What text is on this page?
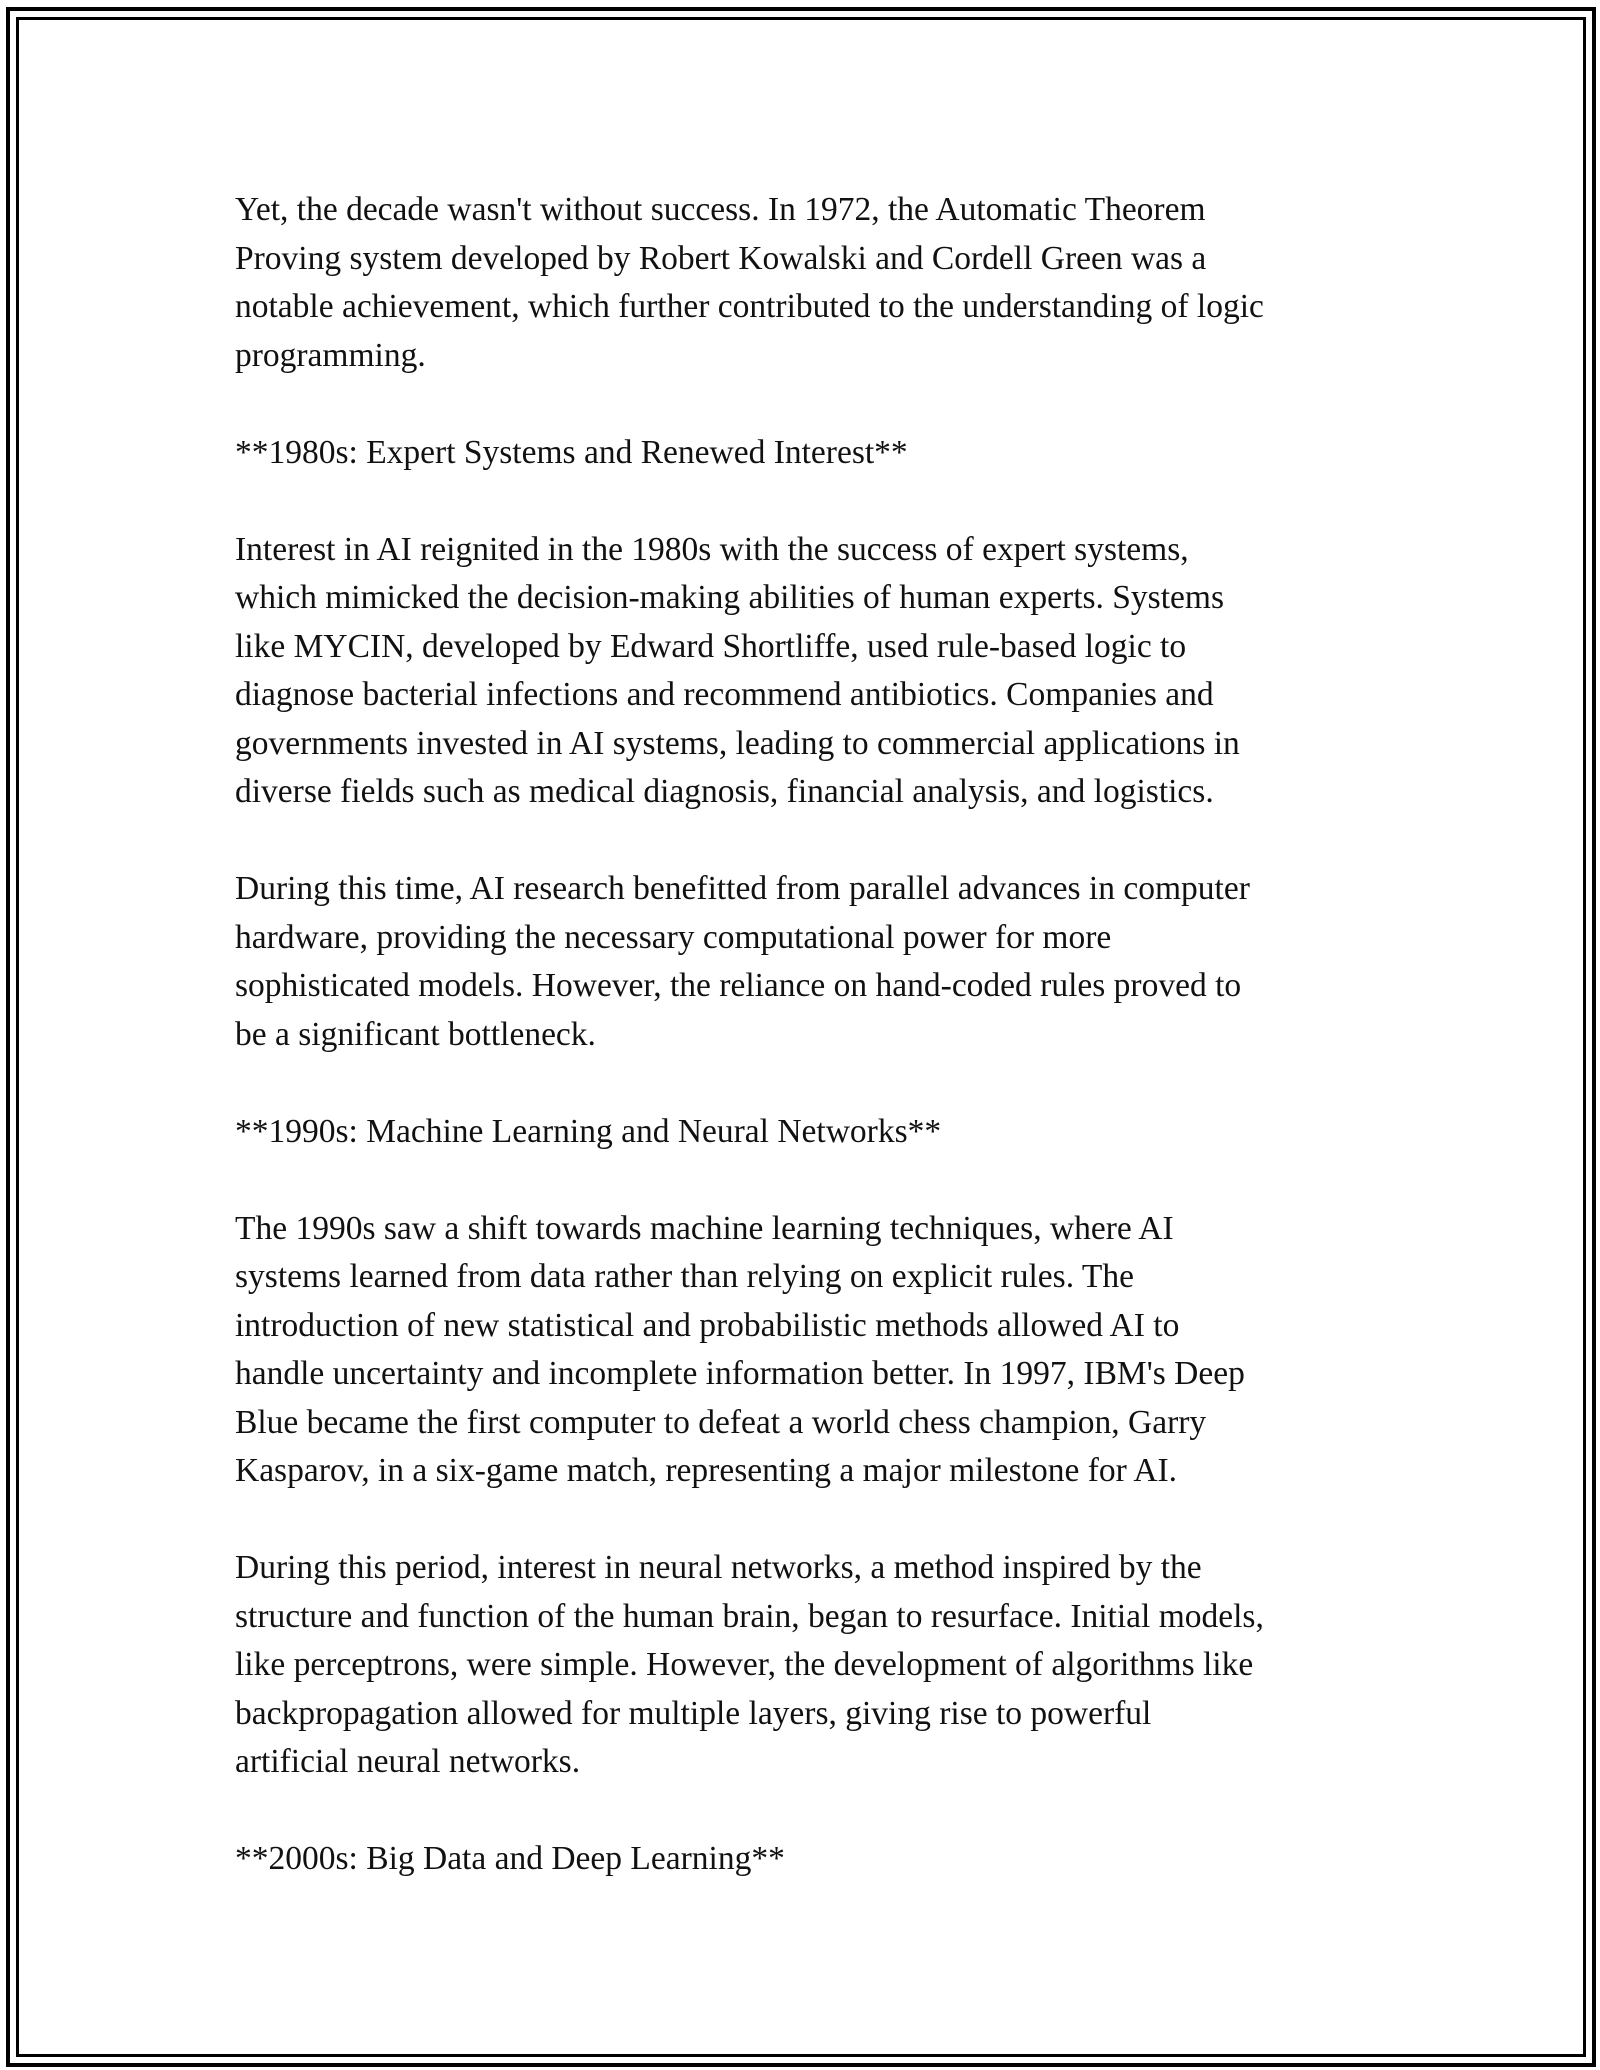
Yet, the decade wasn't without success. In 1972, the Automatic Theorem
Proving system developed by Robert Kowalski and Cordell Green was a
notable achievement, which further contributed to the understanding of logic
programming.
**1980s: Expert Systems and Renewed Interest**
Interest in AI reignited in the 1980s with the success of expert systems,
which mimicked the decision-making abilities of human experts. Systems
like MYCIN, developed by Edward Shortliffe, used rule-based logic to
diagnose bacterial infections and recommend antibiotics. Companies and
governments invested in AI systems, leading to commercial applications in
diverse fields such as medical diagnosis, financial analysis, and logistics.
During this time, AI research benefitted from parallel advances in computer
hardware, providing the necessary computational power for more
sophisticated models. However, the reliance on hand-coded rules proved to
be a significant bottleneck.
**1990s: Machine Learning and Neural Networks**
The 1990s saw a shift towards machine learning techniques, where AI
systems learned from data rather than relying on explicit rules. The
introduction of new statistical and probabilistic methods allowed AI to
handle uncertainty and incomplete information better. In 1997, IBM's Deep
Blue became the first computer to defeat a world chess champion, Garry
Kasparov, in a six-game match, representing a major milestone for AI.
During this period, interest in neural networks, a method inspired by the
structure and function of the human brain, began to resurface. Initial models,
like perceptrons, were simple. However, the development of algorithms like
backpropagation allowed for multiple layers, giving rise to powerful
artificial neural networks.
**2000s: Big Data and Deep Learning**
